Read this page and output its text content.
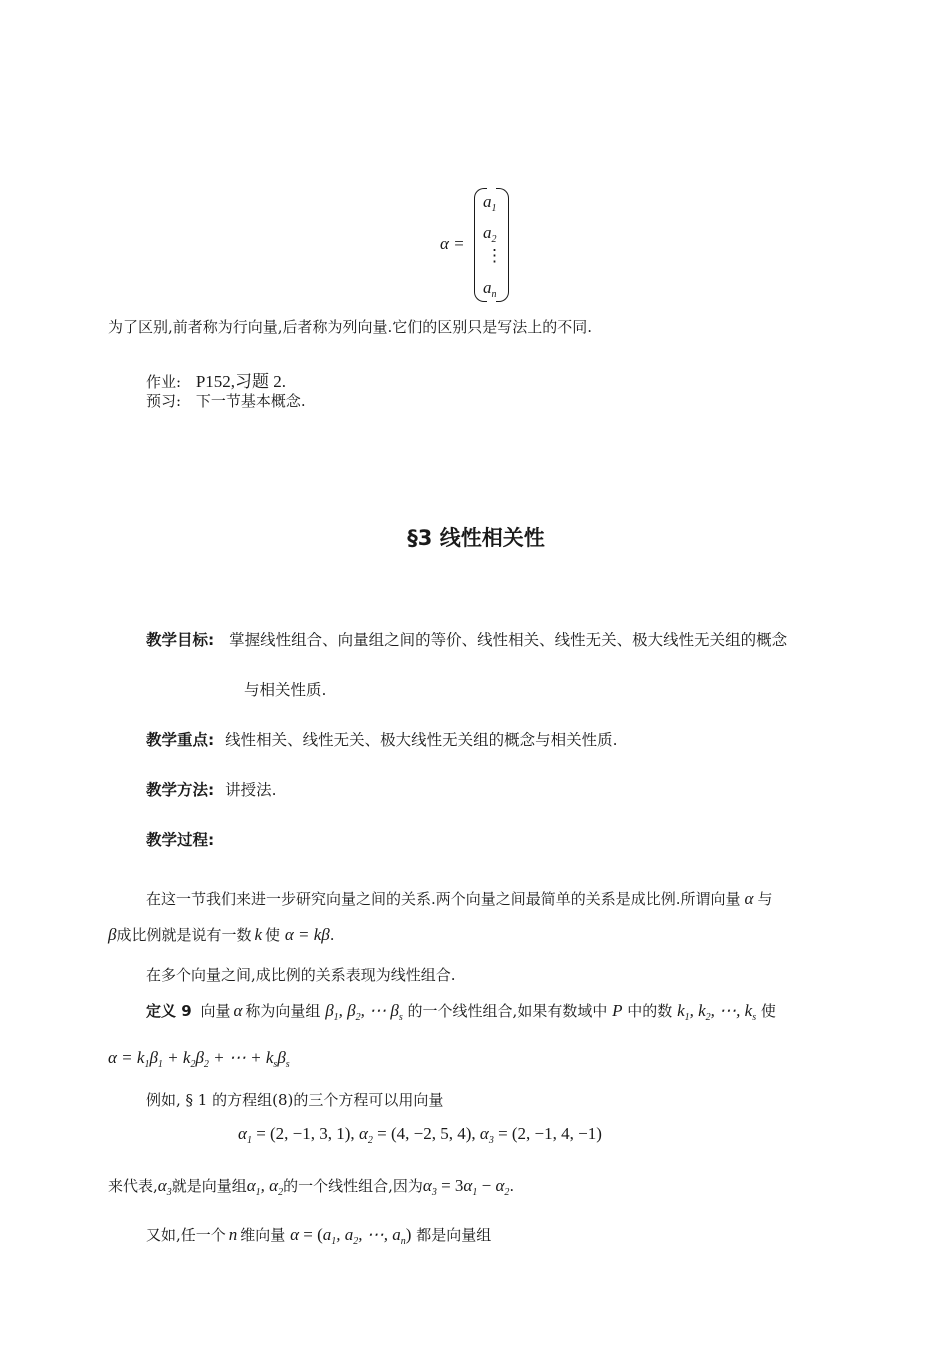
α =
$a_1$
$a_2$
⋮
$a_n$
为了区别,前者称为行向量,后者称为列向量.它们的区别只是写法上的不同.
作业: P152,习题 2.
预习: 下一节基本概念.
§3 线性相关性
教学目标: 掌握线性组合、向量组之间的等价、线性相关、线性无关、极大线性无关组的概念
与相关性质.
教学重点: 线性相关、线性无关、极大线性无关组的概念与相关性质.
教学方法: 讲授法.
教学过程:
在这一节我们来进一步研究向量之间的关系.两个向量之间最简单的关系是成比例.所谓向量 α 与
β成比例就是说有一数 k 使 α = kβ.
在多个向量之间,成比例的关系表现为线性组合.
定义 9 向量 α 称为向量组 $\beta_1$, $\beta_2$, ⋯ $\beta_s$ 的一个线性组合,如果有数域中 P 中的数 $k_1$, $k_2$, ⋯, $k_s$ 使
$\alpha = k_1\beta_1 + k_2\beta_2$ + ⋯ + $k_s\beta_s$
例如, § 1 的方程组(8)的三个方程可以用向量
$\alpha_1 = (2$, −1, 3, 1), $\alpha_2 = (4$, −2, 5, 4), $\alpha_3 = (2$, −1, 4, −1)
来代表$,\alpha_3$就是向量组$\alpha_1$, $\alpha_2$的一个线性组合,因为$\alpha_3 = 3\alpha_1 - \alpha_2$.
又如,任一个 n 维向量 $\alpha = (a_1$, $a_2$, ⋯, $a_n$) 都是向量组
